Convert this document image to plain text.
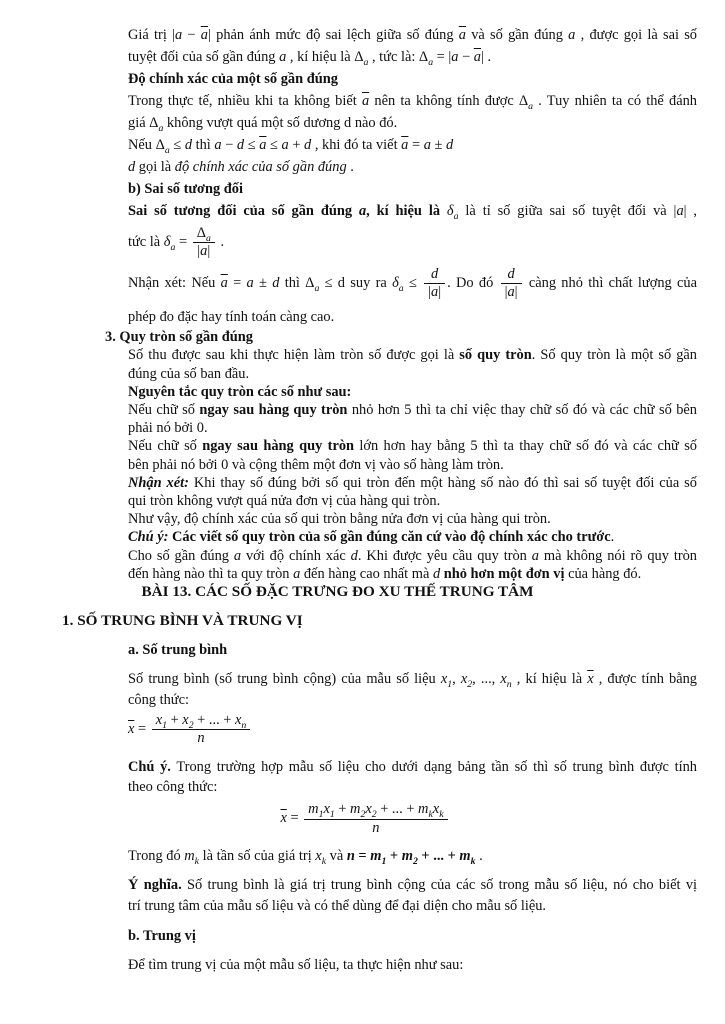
Giá trị $|a - \overline{a}|$ phản ánh mức độ sai lệch giữa số đúng $\overline{a}$ và số gần đúng a , được gọi là sai số
tuyệt đối của số gần đúng a , kí hiệu là $\Delta_a$ , tức là: $\Delta_a = |a - \overline{a}|$ .
Độ chính xác của một số gần đúng
Trong thực tế, nhiều khi ta không biết $\overline{a}$ nên ta không tính được $\Delta_a$ . Tuy nhiên ta có thể đánh
giá $\Delta_a$ không vượt quá một số dương d nào đó.
Nếu $\Delta_a \le d$ thì $a - d \le \overline{a} \le a + d$ , khi đó ta viết $\overline{a} = a \pm d$
d gọi là độ chính xác của số gần đúng .
b) Sai số tương đối
Sai số tương đối của số gần đúng a, kí hiệu là $\delta_a$ là tỉ số giữa sai số tuyệt đối và |a| ,
tức là $\delta_a = \frac{\Delta_a}{|a|}$ .
Nhận xét: Nếu $\overline{a} = a \pm d$ thì $\Delta_a \le d$ suy ra $\delta_a \le \frac{d}{|a|}$ . Do đó $\frac{d}{|a|}$ càng nhỏ thì chất lượng của
phép đo đặc hay tính toán càng cao.
3. Quy tròn số gần đúng
Số thu được sau khi thực hiện làm tròn số được gọi là số quy tròn. Số quy tròn là một số gần
đúng của số ban đầu.
Nguyên tắc quy tròn các số như sau:
Nếu chữ số ngay sau hàng quy tròn nhỏ hơn 5 thì ta chỉ việc thay chữ số đó và các chữ số bên
phải nó bởi 0.
Nếu chữ số ngay sau hàng quy tròn lớn hơn hay bằng 5 thì ta thay chữ số đó và các chữ số
bên phải nó bởi 0 và cộng thêm một đơn vị vào số hàng làm tròn.
Nhận xét: Khi thay số đúng bởi số qui tròn đến một hàng số nào đó thì sai số tuyệt đối của số
qui tròn không vượt quá nửa đơn vị của hàng qui tròn.
Như vậy, độ chính xác của số qui tròn bằng nửa đơn vị của hàng qui tròn.
Chú ý: Các viết số quy tròn của số gần đúng căn cứ vào độ chính xác cho trước.
Cho số gần đúng a với độ chính xác d. Khi được yêu cầu quy tròn a mà không nói rõ quy tròn
đến hàng nào thì ta quy tròn a đến hàng cao nhất mà d nhỏ hơn một đơn vị của hàng đó.
BÀI 13. CÁC SỐ ĐẶC TRƯNG ĐO XU THẾ TRUNG TÂM
1. SỐ TRUNG BÌNH VÀ TRUNG VỊ
a. Số trung bình
Số trung bình (số trung bình cộng) của mẫu số liệu $x_1$, $x_2$, ..., $x_n$ , kí hiệu là $\overline{x}$ , được tính bằng
công thức:
$\overline{x} = \frac{x_1 + x_2 + ... + x_n}{n}$
Chú ý. Trong trường hợp mẫu số liệu cho dưới dạng bảng tần số thì số trung bình được tính
theo công thức:
$\overline{x} = \frac{m_1x_1 + m_2x_2 + ... + m_kx_k}{n}$
Trong đó $m_k$ là tần số của giá trị $x_k$ và $n = m_1 + m_2$ + ... + $m_k$ .
Ý nghĩa. Số trung bình là giá trị trung bình cộng của các số trong mẫu số liệu, nó cho biết vị
trí trung tâm của mẫu số liệu và có thể dùng để đại diện cho mẫu số liệu.
b. Trung vị
Để tìm trung vị của một mẫu số liệu, ta thực hiện như sau:
